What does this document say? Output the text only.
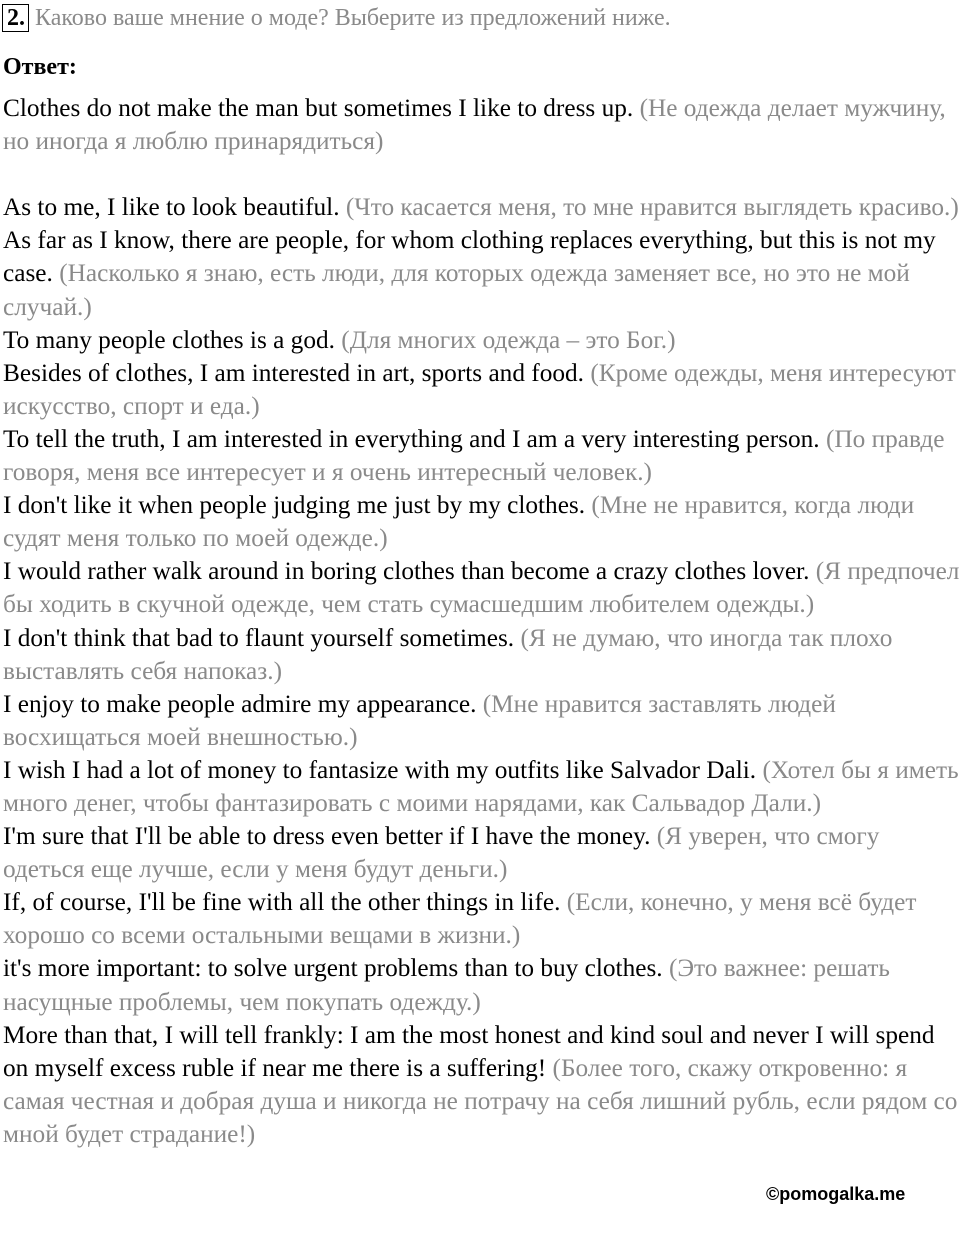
2. Каково ваше мнение о моде? Выберите из предложений ниже.
Ответ:

Clothes do not make the man but sometimes I like to dress up. (Не одежда делает мужчину, но иногда я люблю принарядиться)

As to me, I like to look beautiful. (Что касается меня, то мне нравится выглядеть красиво.)

As far as I know, there are people, for whom clothing replaces everything, but this is not my case. (Насколько я знаю, есть люди, для которых одежда заменяет все, но это не мой случай.)

To many people clothes is a god. (Для многих одежда – это Бог.)

Besides of clothes, I am interested in art, sports and food. (Кроме одежды, меня интересуют искусство, спорт и еда.)

To tell the truth, I am interested in everything and I am a very interesting person. (По правде говоря, меня все интересует и я очень интересный человек.)

I don't like it when people judging me just by my clothes. (Мне не нравится, когда люди судят меня только по моей одежде.)

I would rather walk around in boring clothes than become a crazy clothes lover. (Я предпочел бы ходить в скучной одежде, чем стать сумасшедшим любителем одежды.)

I don't think that bad to flaunt yourself sometimes. (Я не думаю, что иногда так плохо выставлять себя напоказ.)

I enjoy to make people admire my appearance. (Мне нравится заставлять людей восхищаться моей внешностью.)

I wish I had a lot of money to fantasize with my outfits like Salvador Dali. (Хотел бы я иметь много денег, чтобы фантазировать с моими нарядами, как Сальвадор Дали.)

I'm sure that I'll be able to dress even better if I have the money. (Я уверен, что смогу одеться еще лучше, если у меня будут деньги.)

If, of course, I'll be fine with all the other things in life. (Если, конечно, у меня всё будет хорошо со всеми остальными вещами в жизни.)

it's more important: to solve urgent problems than to buy clothes. (Это важнее: решать насущные проблемы, чем покупать одежду.)

More than that, I will tell frankly: I am the most honest and kind soul and never I will spend on myself excess ruble if near me there is a suffering! (Более того, скажу откровенно: я самая честная и добрая душа и никогда не потрачу на себя лишний рубль, если рядом со мной будет страдание!)

©pomogalka.me
